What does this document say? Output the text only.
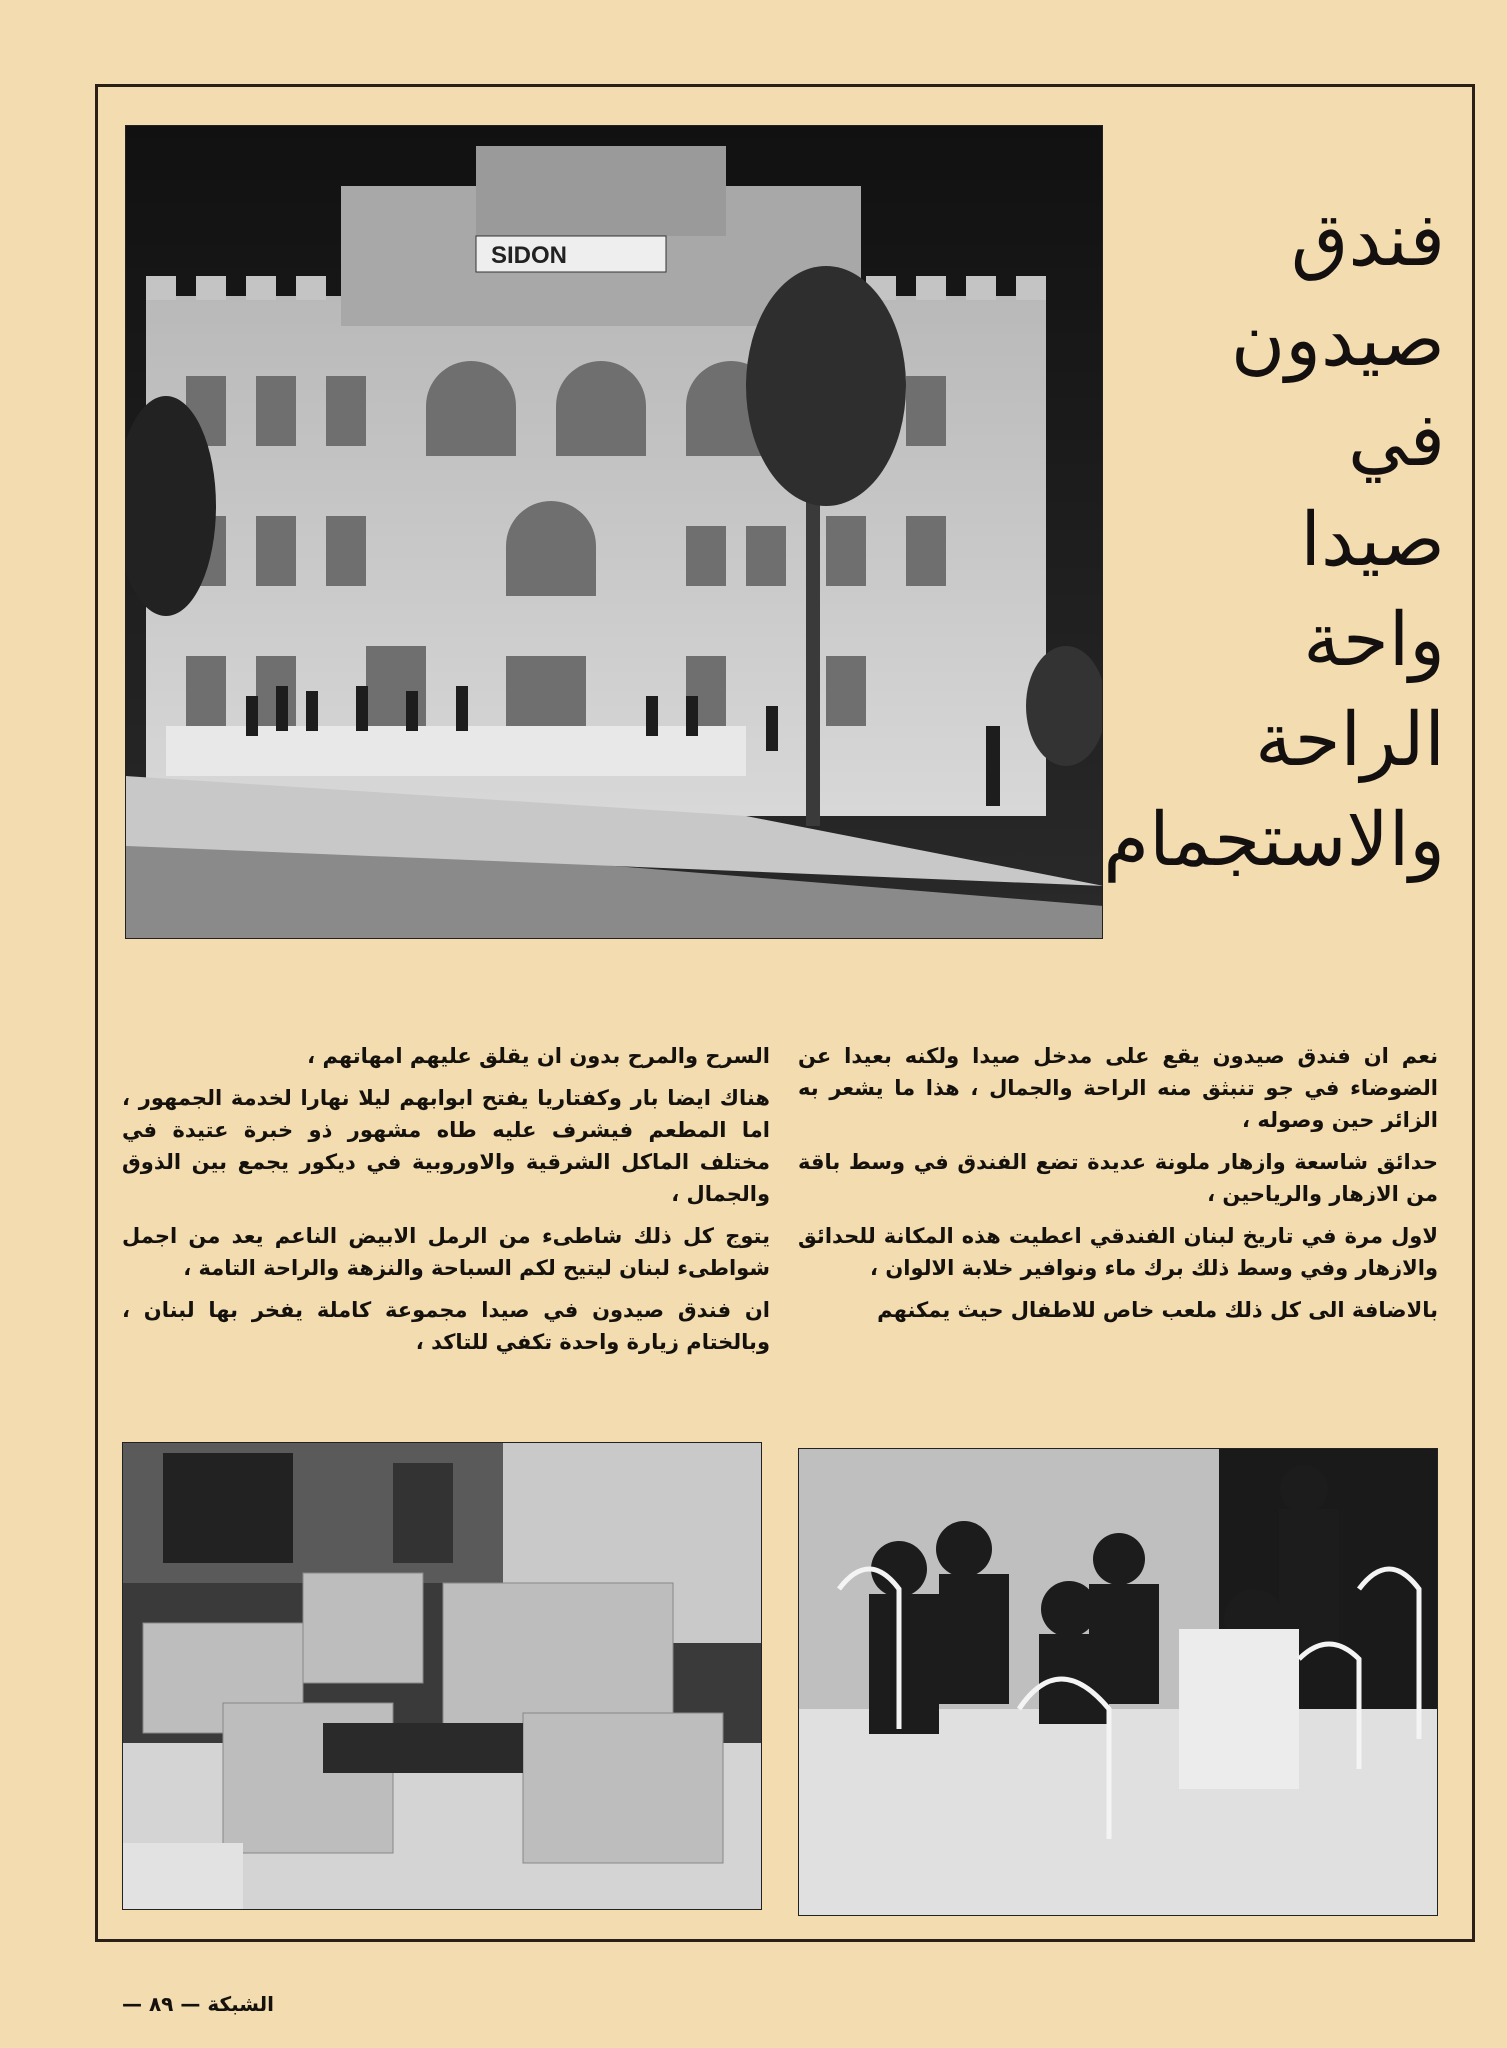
SIDON	فندق
صيدون
في
صيدا
واحة
الراحة
والاستجمام

نعم ان فندق صيدون يقع على مدخل صيدا ولكنه بعيدا عن الضوضاء في جو تنبثق منه الراحة والجمال ، هذا ما يشعر به الزائر حين وصوله ،

حدائق شاسعة وازهار ملونة عديدة تضع الفندق في وسط باقة من الازهار والرياحين ،

لاول مرة في تاريخ لبنان الفندقي اعطيت هذه المكانة للحدائق والازهار وفي وسط ذلك برك ماء ونوافير خلابة الالوان ،

بالاضافة الى كل ذلك ملعب خاص للاطفال حيث يمكنهم

السرح والمرح بدون ان يقلق عليهم امهاتهم ،

هناك ايضا بار وكفتاريا يفتح ابوابهم ليلا نهارا لخدمة الجمهور ، اما المطعم فيشرف عليه طاه مشهور ذو خبرة عتيدة في مختلف الماكل الشرقية والاوروبية في ديكور يجمع بين الذوق والجمال ،

يتوج كل ذلك شاطىء من الرمل الابيض الناعم يعد من اجمل شواطىء لبنان ليتيح لكم السباحة والنزهة والراحة التامة ،

ان فندق صيدون في صيدا مجموعة كاملة يفخر بها لبنان ، وبالختام زيارة واحدة تكفي للتاكد ،

الشبكة — ٨٩ —
